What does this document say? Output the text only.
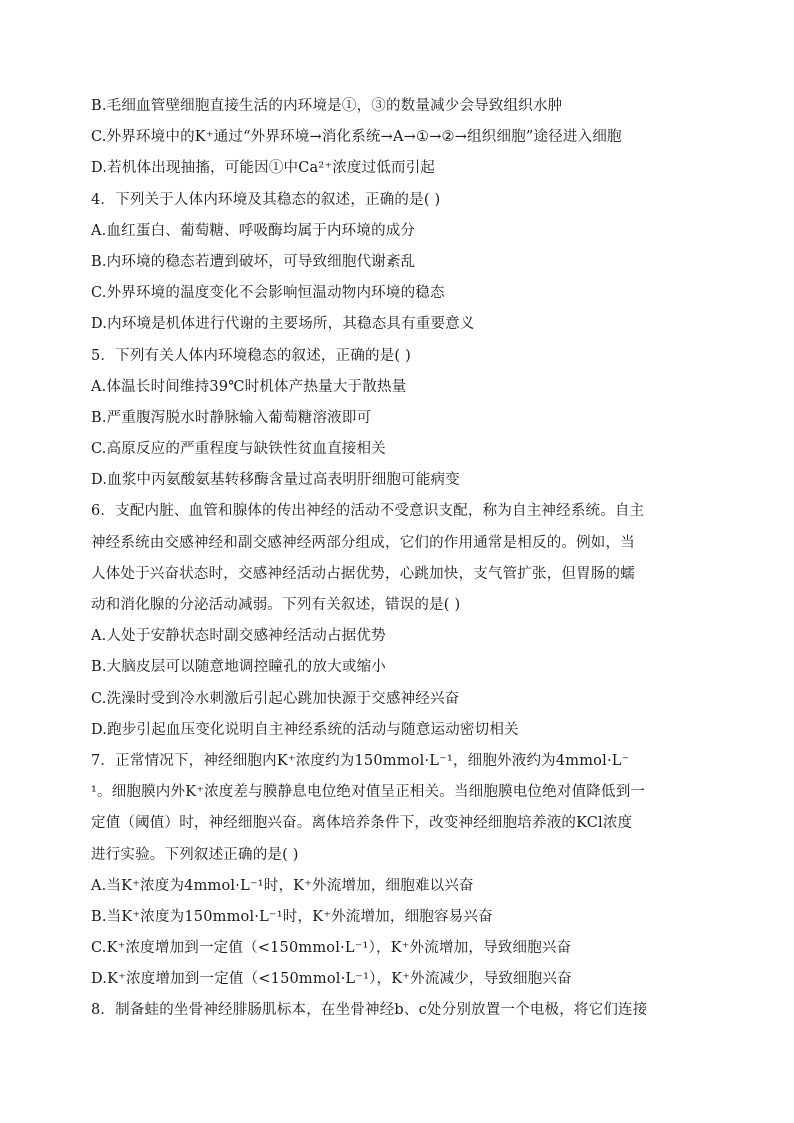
B.毛细血管壁细胞直接生活的内环境是①，③的数量减少会导致组织水肿
C.外界环境中的K⁺通过“外界环境→消化系统→A→①→②→组织细胞”途径进入细胞
D.若机体出现抽搐，可能因①中Ca²⁺浓度过低而引起
4．下列关于人体内环境及其稳态的叙述，正确的是( )
A.血红蛋白、葡萄糖、呼吸酶均属于内环境的成分
B.内环境的稳态若遭到破坏，可导致细胞代谢紊乱
C.外界环境的温度变化不会影响恒温动物内环境的稳态
D.内环境是机体进行代谢的主要场所，其稳态具有重要意义
5．下列有关人体内环境稳态的叙述，正确的是( )
A.体温长时间维持39℃时机体产热量大于散热量
B.严重腹泻脱水时静脉输入葡萄糖溶液即可
C.高原反应的严重程度与缺铁性贫血直接相关
D.血浆中丙氨酸氨基转移酶含量过高表明肝细胞可能病变
6．支配内脏、血管和腺体的传出神经的活动不受意识支配，称为自主神经系统。自主
神经系统由交感神经和副交感神经两部分组成，它们的作用通常是相反的。例如，当
人体处于兴奋状态时，交感神经活动占据优势，心跳加快，支气管扩张，但胃肠的蠕
动和消化腺的分泌活动减弱。下列有关叙述，错误的是( )
A.人处于安静状态时副交感神经活动占据优势
B.大脑皮层可以随意地调控瞳孔的放大或缩小
C.洗澡时受到冷水刺激后引起心跳加快源于交感神经兴奋
D.跑步引起血压变化说明自主神经系统的活动与随意运动密切相关
7．正常情况下，神经细胞内K⁺浓度约为150mmol·L⁻¹，细胞外液约为4mmol·L⁻
¹。细胞膜内外K⁺浓度差与膜静息电位绝对值呈正相关。当细胞膜电位绝对值降低到一
定值（阈值）时，神经细胞兴奋。离体培养条件下，改变神经细胞培养液的KCl浓度
进行实验。下列叙述正确的是( )
A.当K⁺浓度为4mmol·L⁻¹时，K⁺外流增加，细胞难以兴奋
B.当K⁺浓度为150mmol·L⁻¹时，K⁺外流增加，细胞容易兴奋
C.K⁺浓度增加到一定值（<150mmol·L⁻¹），K⁺外流增加，导致细胞兴奋
D.K⁺浓度增加到一定值（<150mmol·L⁻¹），K⁺外流减少，导致细胞兴奋
8．制备蛙的坐骨神经腓肠肌标本，在坐骨神经b、c处分别放置一个电极，将它们连接
